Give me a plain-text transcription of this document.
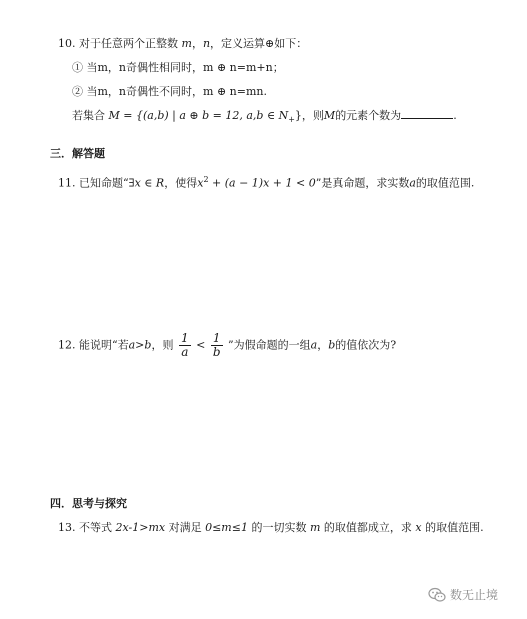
10. 对于任意两个正整数 m，n，定义运算⊕如下：
① 当m，n奇偶性相同时，m ⊕ n=m+n；
② 当m，n奇偶性不同时，m ⊕ n=mn.
若集合 M = {(a,b) | a ⊕ b = 12, a,b ∈ $N_+$}，则M的元素个数为	.
三．解答题
11. 已知命题“∃x ∈ R，使得$x^2 + (a - 1)x + 1 < 0$”是真命题，求实数a的取值范围.
12. 能说明“若a>b，则 $\frac{1}{a} < \frac{1}{b}$ ”为假命题的一组a，b的值依次为?
四．思考与探究
13. 不等式 2x-1>mx 对满足 0≤m≤1 的一切实数 m 的取值都成立，求 x 的取值范围.
数无止境
